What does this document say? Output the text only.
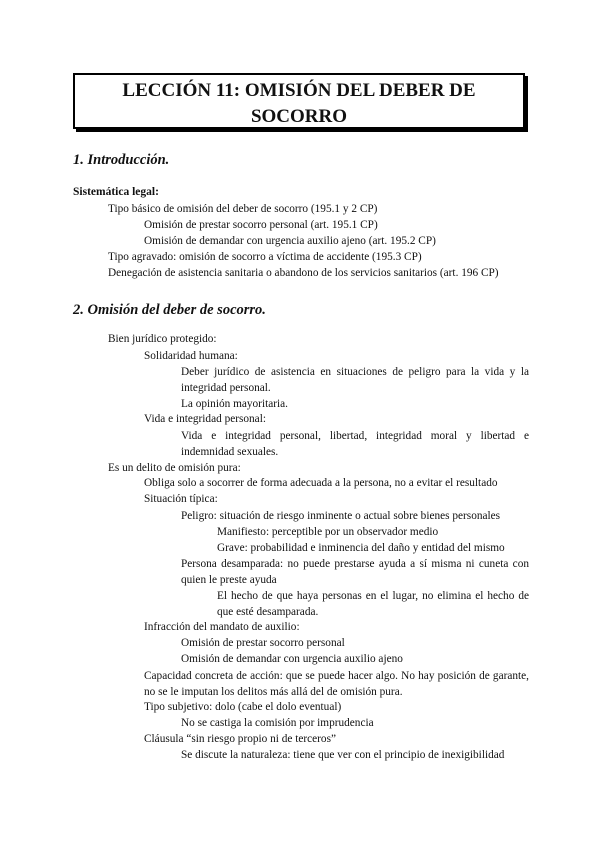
LECCIÓN 11: OMISIÓN DEL DEBER DE
SOCORRO
1. Introducción.
Sistemática legal:
Tipo básico de omisión del deber de socorro (195.1 y 2 CP)
Omisión de prestar socorro personal (art. 195.1 CP)
Omisión de demandar con urgencia auxilio ajeno (art. 195.2 CP)
Tipo agravado: omisión de socorro a víctima de accidente (195.3 CP)
Denegación de asistencia sanitaria o abandono de los servicios sanitarios (art. 196 CP)
2. Omisión del deber de socorro.
Bien jurídico protegido:
Solidaridad humana:
Deber jurídico de asistencia en situaciones de peligro para la vida y la integridad personal.
La opinión mayoritaria.
Vida e integridad personal:
Vida e integridad personal, libertad, integridad moral y libertad e indemnidad sexuales.
Es un delito de omisión pura:
Obliga solo a socorrer de forma adecuada a la persona, no a evitar el resultado
Situación típica:
Peligro: situación de riesgo inminente o actual sobre bienes personales
Manifiesto: perceptible por un observador medio
Grave: probabilidad e inminencia del daño y entidad del mismo
Persona desamparada: no puede prestarse ayuda a sí misma ni cuneta con quien le preste ayuda
El hecho de que haya personas en el lugar, no elimina el hecho de que esté desamparada.
Infracción del mandato de auxilio:
Omisión de prestar socorro personal
Omisión de demandar con urgencia auxilio ajeno
Capacidad concreta de acción: que se puede hacer algo. No hay posición de garante, no se le imputan los delitos más allá del de omisión pura.
Tipo subjetivo: dolo (cabe el dolo eventual)
No se castiga la comisión por imprudencia
Cláusula “sin riesgo propio ni de terceros”
Se discute la naturaleza: tiene que ver con el principio de inexigibilidad
